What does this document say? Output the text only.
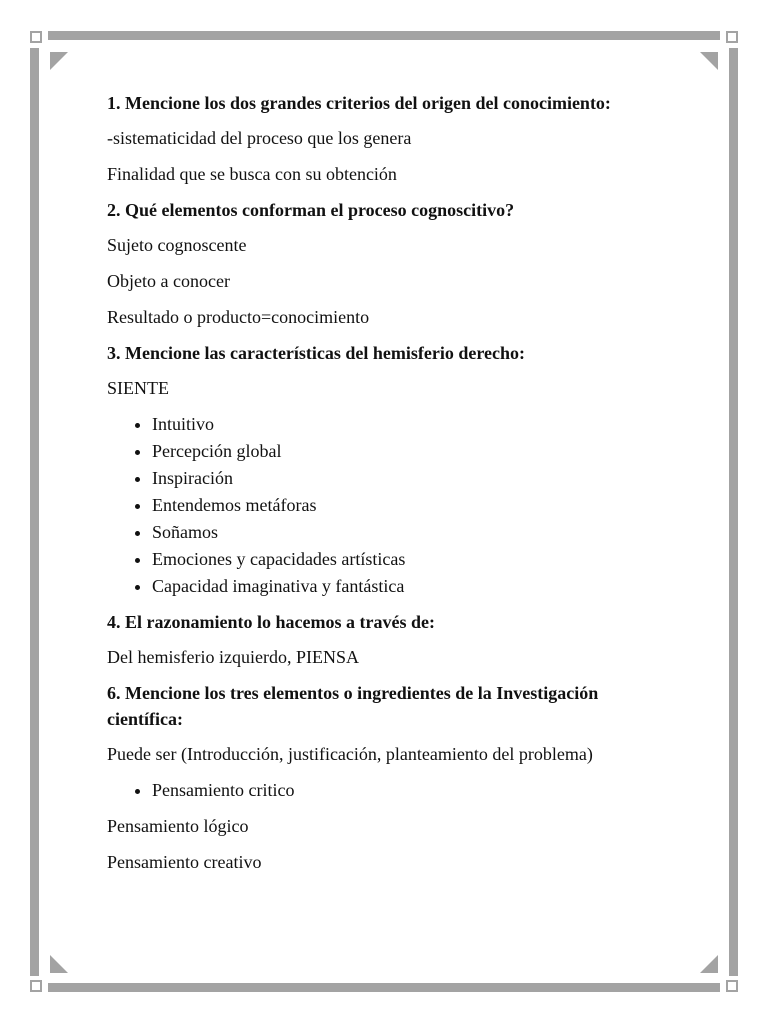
1. Mencione los dos grandes criterios del origen del conocimiento:

-sistematicidad del proceso que los genera

Finalidad que se busca con su obtención

2. Qué elementos conforman el proceso cognoscitivo?

Sujeto cognoscente

Objeto a conocer

Resultado o producto=conocimiento

3. Mencione las características del hemisferio derecho:

SIENTE

• Intuitivo
• Percepción global
• Inspiración
• Entendemos metáforas
• Soñamos
• Emociones y capacidades artísticas
• Capacidad imaginativa y fantástica

4. El razonamiento lo hacemos a través de:

Del hemisferio izquierdo, PIENSA

6. Mencione los tres elementos o ingredientes de la Investigación científica:

Puede ser (Introducción, justificación, planteamiento del problema)

• Pensamiento critico

Pensamiento lógico

Pensamiento creativo
